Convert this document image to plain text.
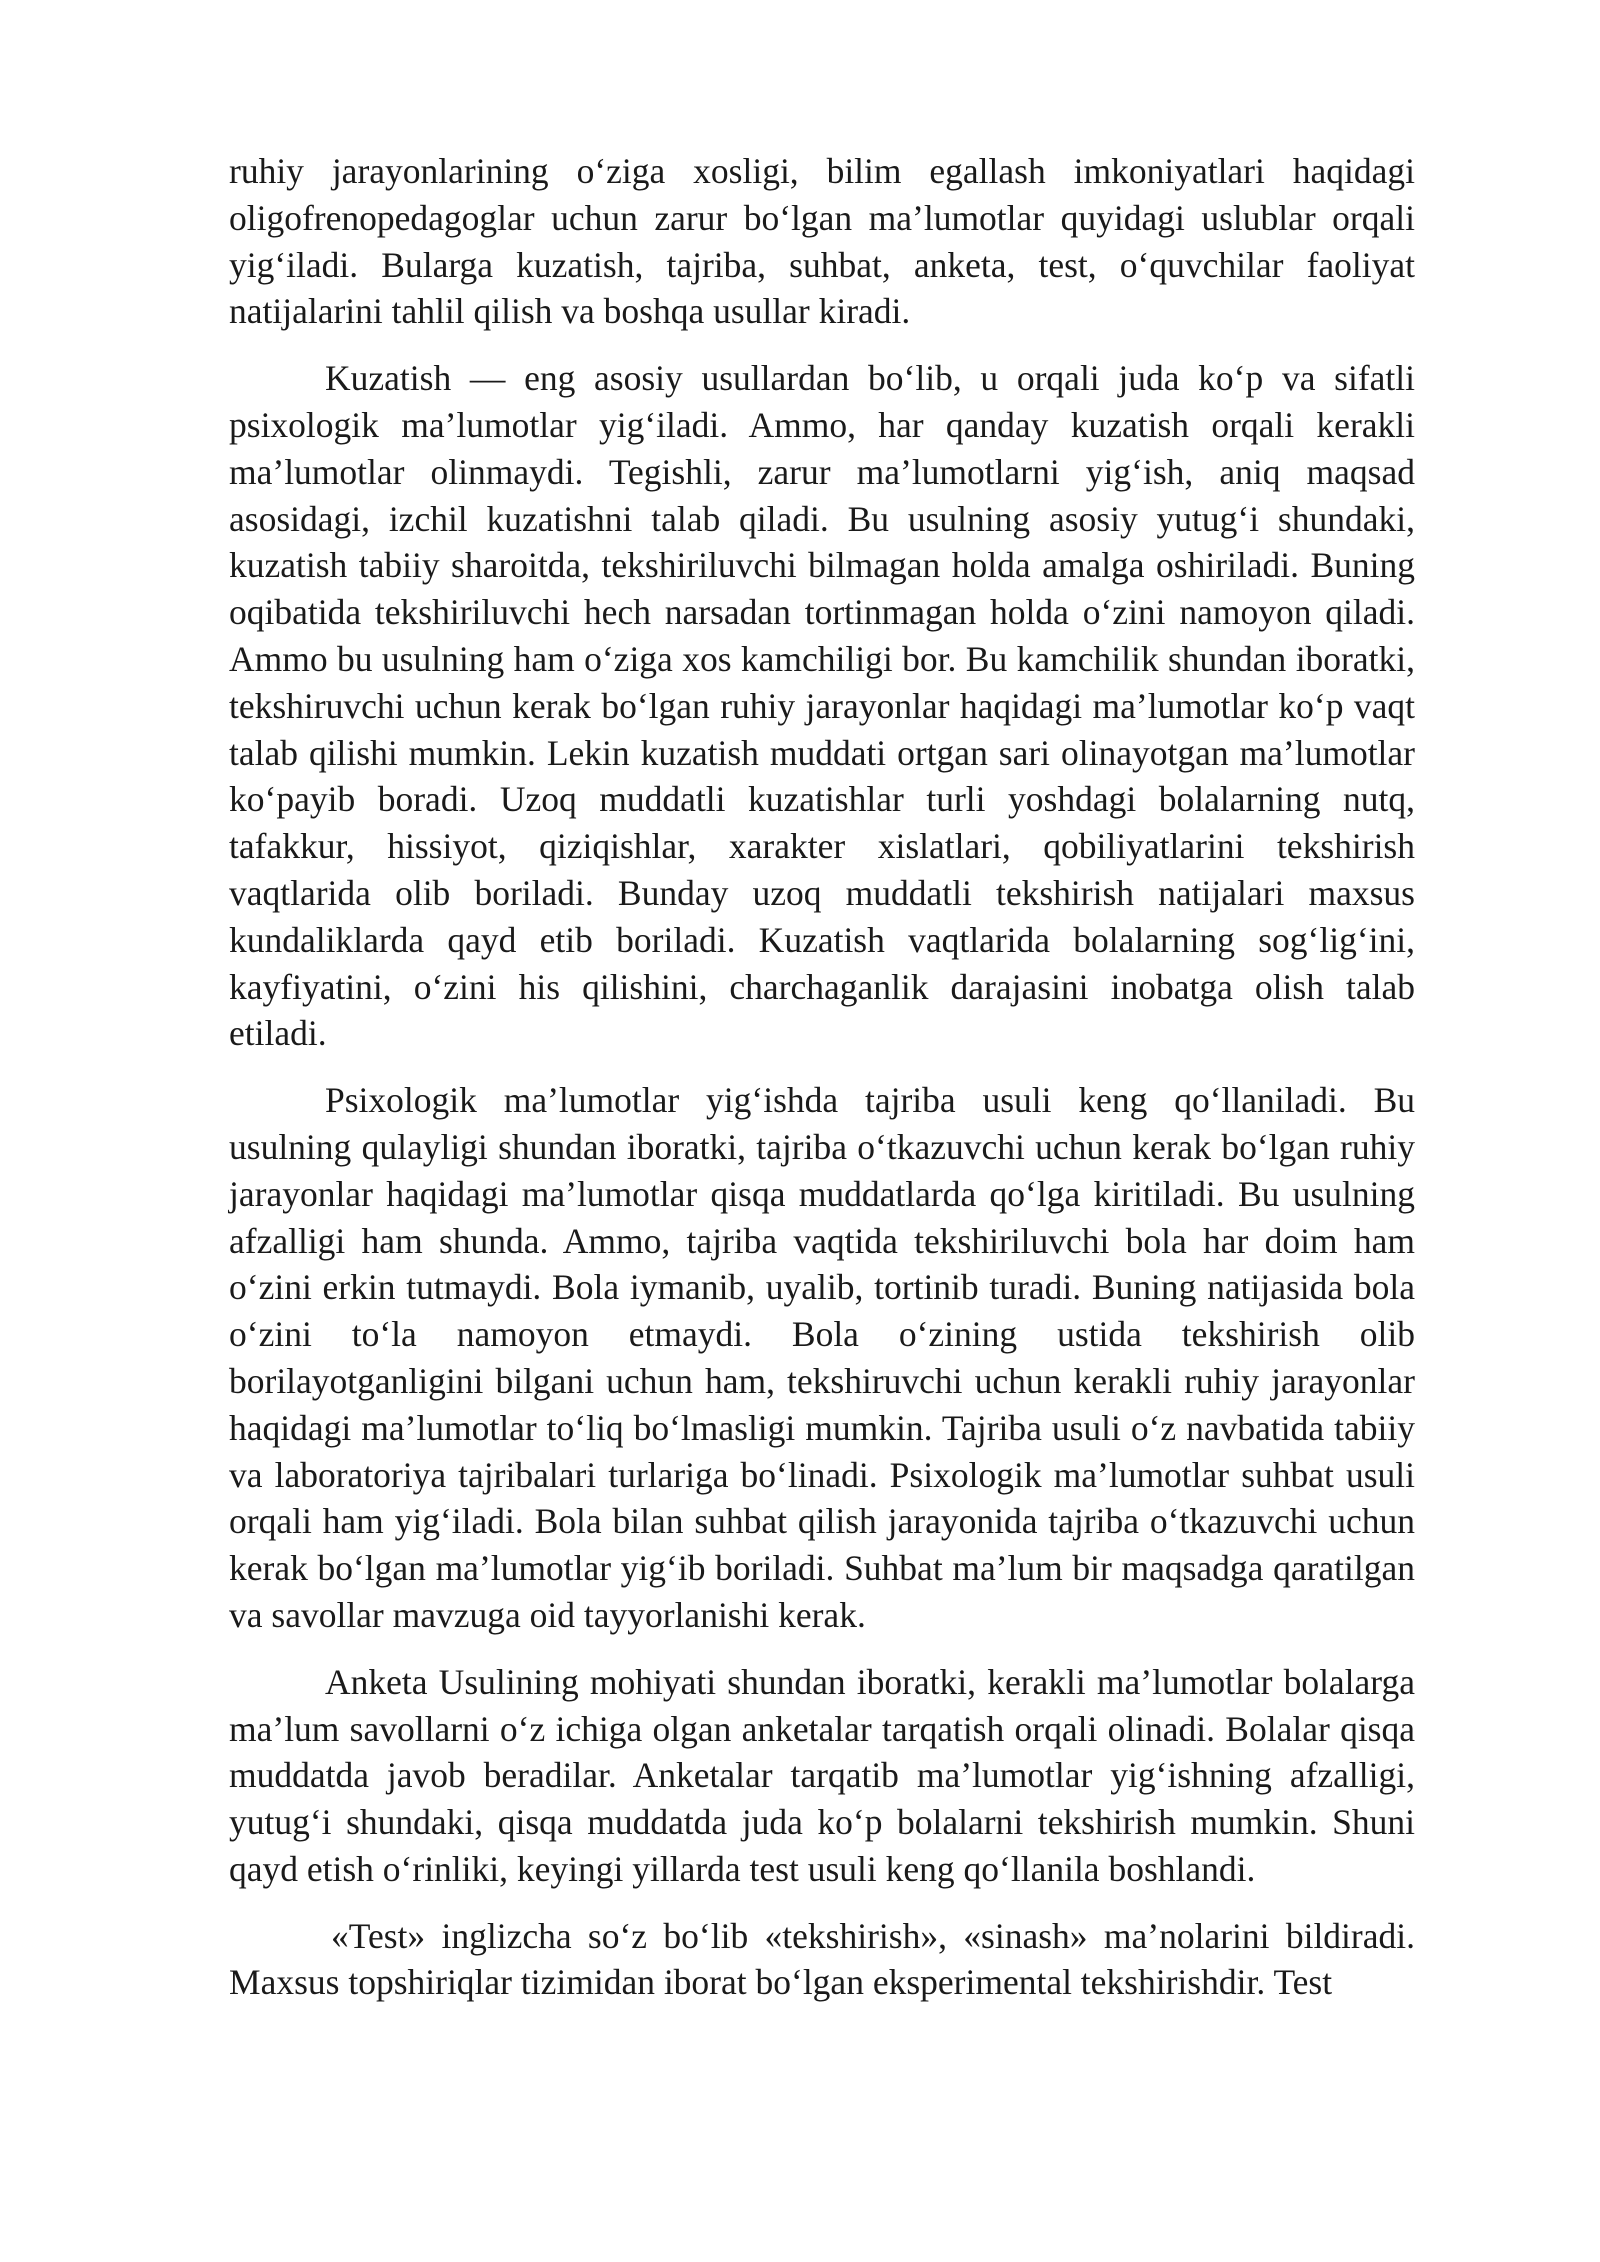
ruhiy jarayonlarining o‘ziga xosligi, bilim egallash imkoniyatlari haqidagi oligofrenopedagoglar uchun zarur bo‘lgan ma’lumotlar quyidagi uslublar orqali yig‘iladi. Bularga kuzatish, tajriba, suhbat, anketa, test, o‘quvchilar faoliyat natijalarini tahlil qilish va boshqa usullar kiradi.

Kuzatish — eng asosiy usullardan bo‘lib, u orqali juda ko‘p va sifatli psixologik ma’lumotlar yig‘iladi. Ammo, har qanday kuzatish orqali kerakli ma’lumotlar olinmaydi. Tegishli, zarur ma’lumotlarni yig‘ish, aniq maqsad asosidagi, izchil kuzatishni talab qiladi. Bu usulning asosiy yutug‘i shundaki, kuzatish tabiiy sharoitda, tekshiriluvchi bilmagan holda amalga oshiriladi. Buning oqibatida tekshiriluvchi hech narsadan tortinmagan holda o‘zini namoyon qiladi. Ammo bu usulning ham o‘ziga xos kamchiligi bor. Bu kamchilik shundan iboratki, tekshiruvchi uchun kerak bo‘lgan ruhiy jarayonlar haqidagi ma’lumotlar ko‘p vaqt talab qilishi mumkin. Lekin kuzatish muddati ortgan sari olinayotgan ma’lumotlar ko‘payib boradi. Uzoq muddatli kuzatishlar turli yoshdagi bolalarning nutq, tafakkur, hissiyot, qiziqishlar, xarakter xislatlari, qobiliyatlarini tekshirish vaqtlarida olib boriladi. Bunday uzoq muddatli tekshirish natijalari maxsus kundaliklarda qayd etib boriladi. Kuzatish vaqtlarida bolalarning sog‘lig‘ini, kayfiyatini, o‘zini his qilishini, charchaganlik darajasini inobatga olish talab etiladi.

Psixologik ma’lumotlar yig‘ishda tajriba usuli keng qo‘llaniladi. Bu usulning qulayligi shundan iboratki, tajriba o‘tkazuvchi uchun kerak bo‘lgan ruhiy jarayonlar haqidagi ma’lumotlar qisqa muddatlarda qo‘lga kiritiladi. Bu usulning afzalligi ham shunda. Ammo, tajriba vaqtida tekshiriluvchi bola har doim ham o‘zini erkin tutmaydi. Bola iymanib, uyalib, tortinib turadi. Buning natijasida bola o‘zini to‘la namoyon etmaydi. Bola o‘zining ustida tekshirish olib borilayotganligini bilgani uchun ham, tekshiruvchi uchun kerakli ruhiy jarayonlar haqidagi ma’lumotlar to‘liq bo‘lmasligi mumkin. Tajriba usuli o‘z navbatida tabiiy va laboratoriya tajribalari turlariga bo‘linadi. Psixologik ma’lumotlar suhbat usuli orqali ham yig‘iladi. Bola bilan suhbat qilish jarayonida tajriba o‘tkazuvchi uchun kerak bo‘lgan ma’lumotlar yig‘ib boriladi. Suhbat ma’lum bir maqsadga qaratilgan va savollar mavzuga oid tayyorlanishi kerak.

Anketa Usulining mohiyati shundan iboratki, kerakli ma’lumotlar bolalarga ma’lum savollarni o‘z ichiga olgan anketalar tarqatish orqali olinadi. Bolalar qisqa muddatda javob beradilar. Anketalar tarqatib ma’lumotlar yig‘ishning afzalligi, yutug‘i shundaki, qisqa muddatda juda ko‘p bolalarni tekshirish mumkin. Shuni qayd etish o‘rinliki, keyingi yillarda test usuli keng qo‘llanila boshlandi.

«Test» inglizcha so‘z bo‘lib «tekshirish», «sinash» ma’nolarini bildiradi. Maxsus topshiriqlar tizimidan iborat bo‘lgan eksperimental tekshirishdir. Test
